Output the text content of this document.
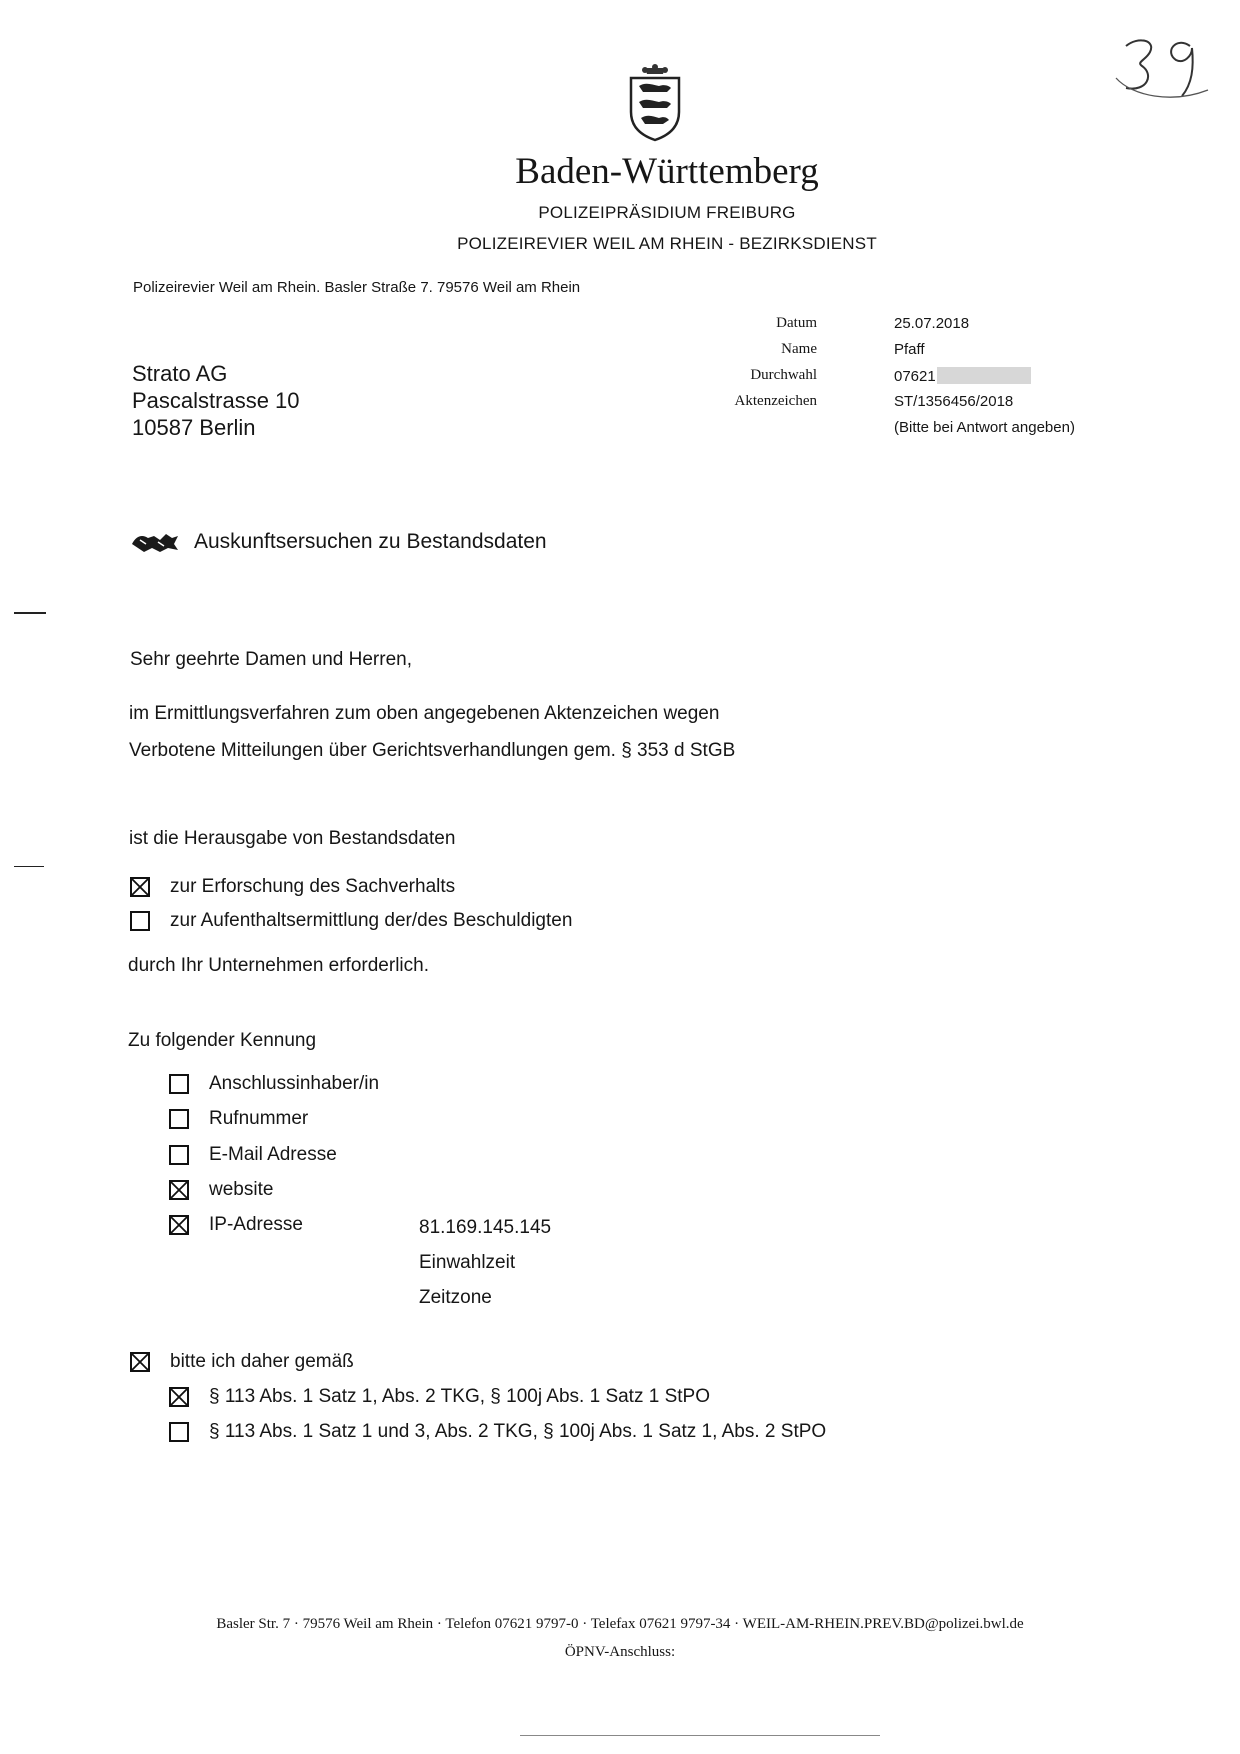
Baden-Württemberg
POLIZEIPRÄSIDIUM FREIBURG
POLIZEIREVIER WEIL AM RHEIN - BEZIRKSDIENST
Polizeirevier Weil am Rhein. Basler Straße 7. 79576 Weil am Rhein
Strato AG
Pascalstrasse 10
10587 Berlin
Datum	25.07.2018
Name	Pfaff
Durchwahl	07621
Aktenzeichen	ST/1356456/2018
(Bitte bei Antwort angeben)
Auskunftsersuchen zu Bestandsdaten
Sehr geehrte Damen und Herren,
im Ermittlungsverfahren zum oben angegebenen Aktenzeichen wegen
Verbotene Mitteilungen über Gerichtsverhandlungen gem. § 353 d StGB
ist die Herausgabe von Bestandsdaten
zur Erforschung des Sachverhalts
zur Aufenthaltsermittlung der/des Beschuldigten
durch Ihr Unternehmen erforderlich.
Zu folgender Kennung
Anschlussinhaber/in
Rufnummer
E-Mail Adresse
website
IP-Adresse	81.169.145.145
Einwahlzeit
Zeitzone
bitte ich daher gemäß
§ 113 Abs. 1 Satz 1, Abs. 2 TKG, § 100j Abs. 1 Satz 1 StPO
§ 113 Abs. 1 Satz 1 und 3, Abs. 2 TKG, § 100j Abs. 1 Satz 1, Abs. 2 StPO
Basler Str. 7 · 79576 Weil am Rhein · Telefon 07621 9797-0 · Telefax 07621 9797-34 · WEIL-AM-RHEIN.PREV.BD@polizei.bwl.de
ÖPNV-Anschluss:
